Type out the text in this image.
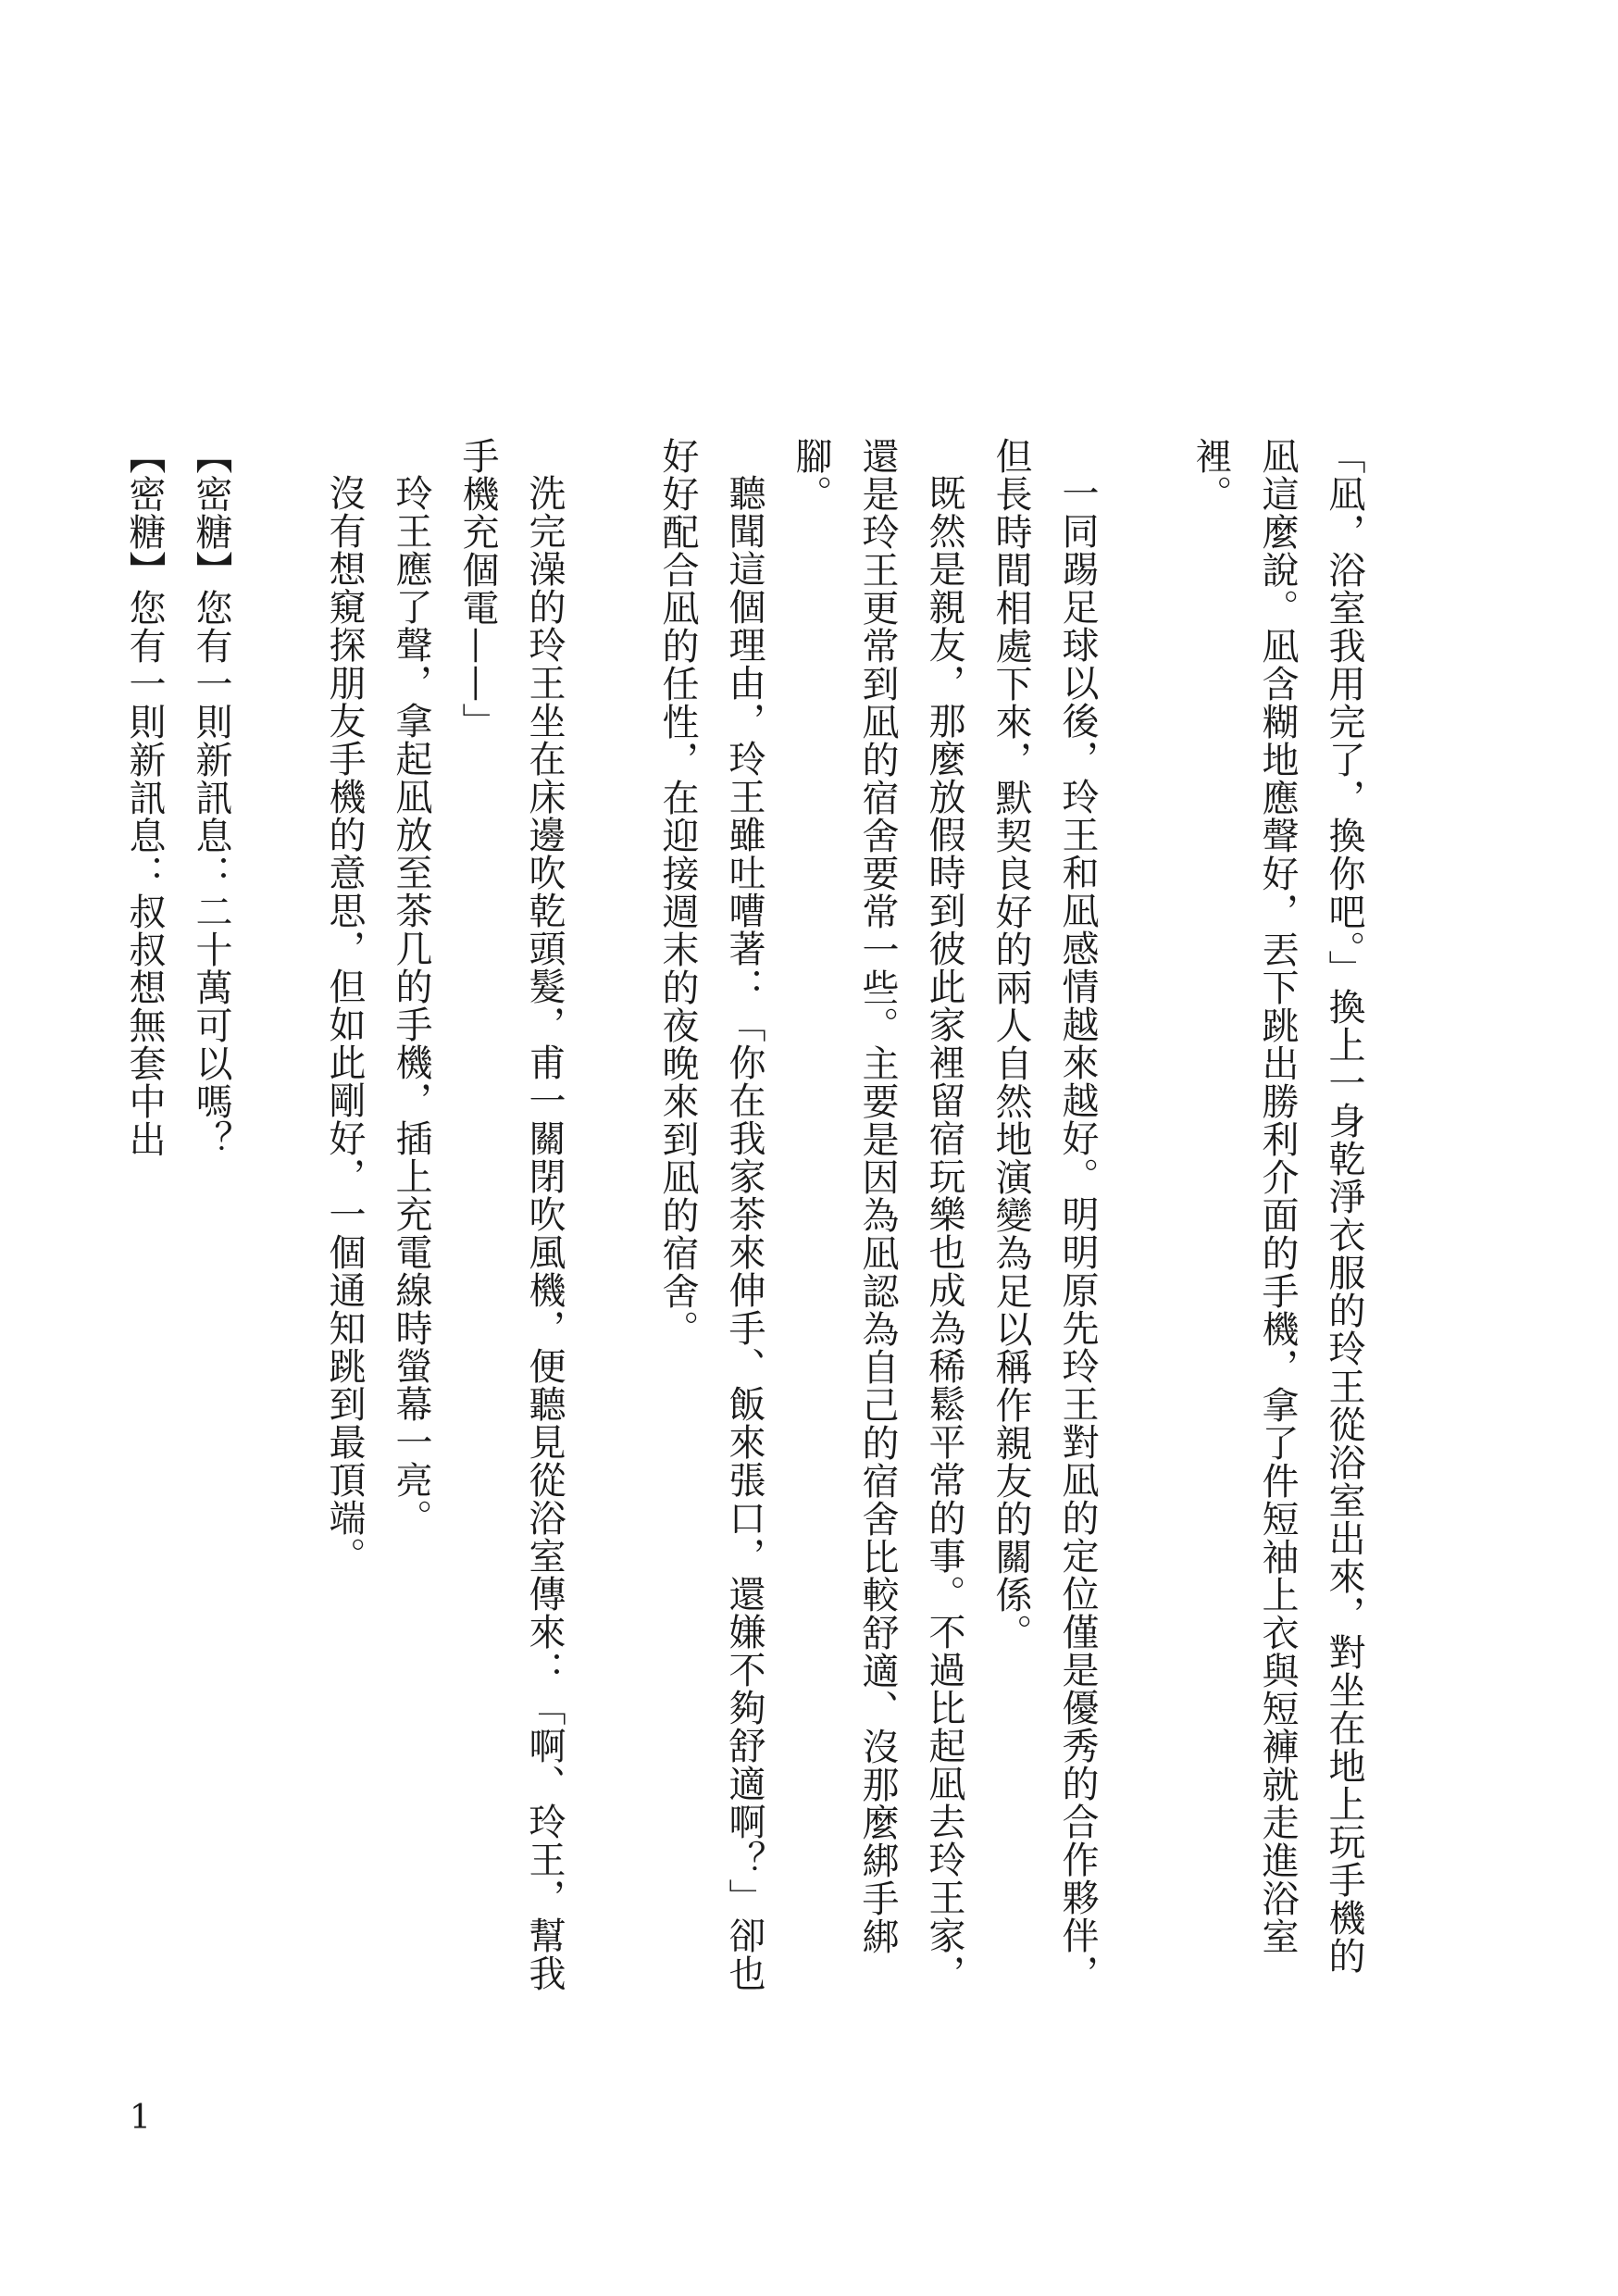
「凪，浴室我用完了，換你吧。」換上一身乾淨衣服的玲王從浴室出來，對坐在地上玩手機的凪這麼說。凪含糊地應聲好，丟下跳出勝利介面的手機，拿了件短袖上衣與短褲就走進浴室裡。

一同踢足球以後，玲王和凪感情越來越好。明明原先玲王對凪的定位僅是優秀的合作夥伴，但長時間相處下來，默契良好的兩人自然地演變為足以稱作親友的關係。

既然是親友，那麼放假時到彼此家裡留宿玩樂也成為稀鬆平常的事。不過比起凪去玲王家，還是玲王更常到凪的宿舍要常一些。主要是因為凪認為自己的宿舍比較舒適、沒那麼綁手綁腳。

聽聞這個理由，玲王雖吐嘈著：「你在我家茶來伸手、飯來張口，還嫌不夠舒適啊？」卻也好好配合凪的任性，在迎接週末的夜晚來到凪的宿舍。

洗完澡的玲王坐在床邊吹乾頭髮，甫一關閉吹風機，便聽見從浴室傳來：「啊、玲王，幫我手機充個電——」

玲王應了聲，拿起凪放至茶几的手機，插上充電線時螢幕一亮。

沒有想窺探朋友手機的意思，但如此剛好，一個通知跳到最頂端。

【密糖】您有一則新訊息：二十萬可以嗎？

【密糖】您有一則新訊息：叔叔想無套中出

1
